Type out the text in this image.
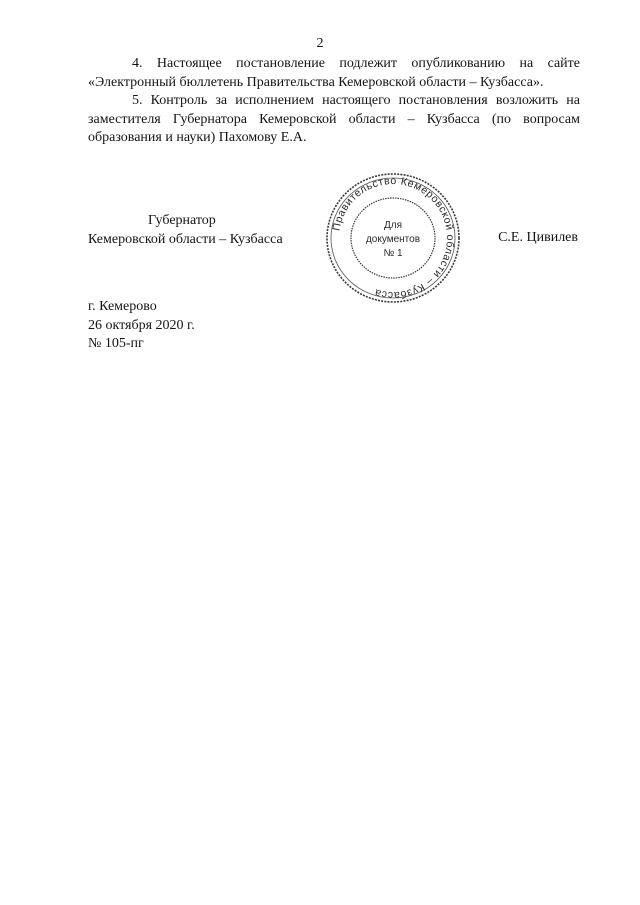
2

4. Настоящее постановление подлежит опубликованию на сайте «Электронный бюллетень Правительства Кемеровской области – Кузбасса».

5. Контроль за исполнением настоящего постановления возложить на заместителя Губернатора Кемеровской области – Кузбасса (по вопросам образования и науки) Пахомову Е.А.

Губернатор
Кемеровской области – Кузбасса
Правительство Кемеровской области – Кузбасса
Для
документов
№ 1
С.Е. Цивилев
г. Кемерово
26 октября 2020 г.
№ 105-пг
